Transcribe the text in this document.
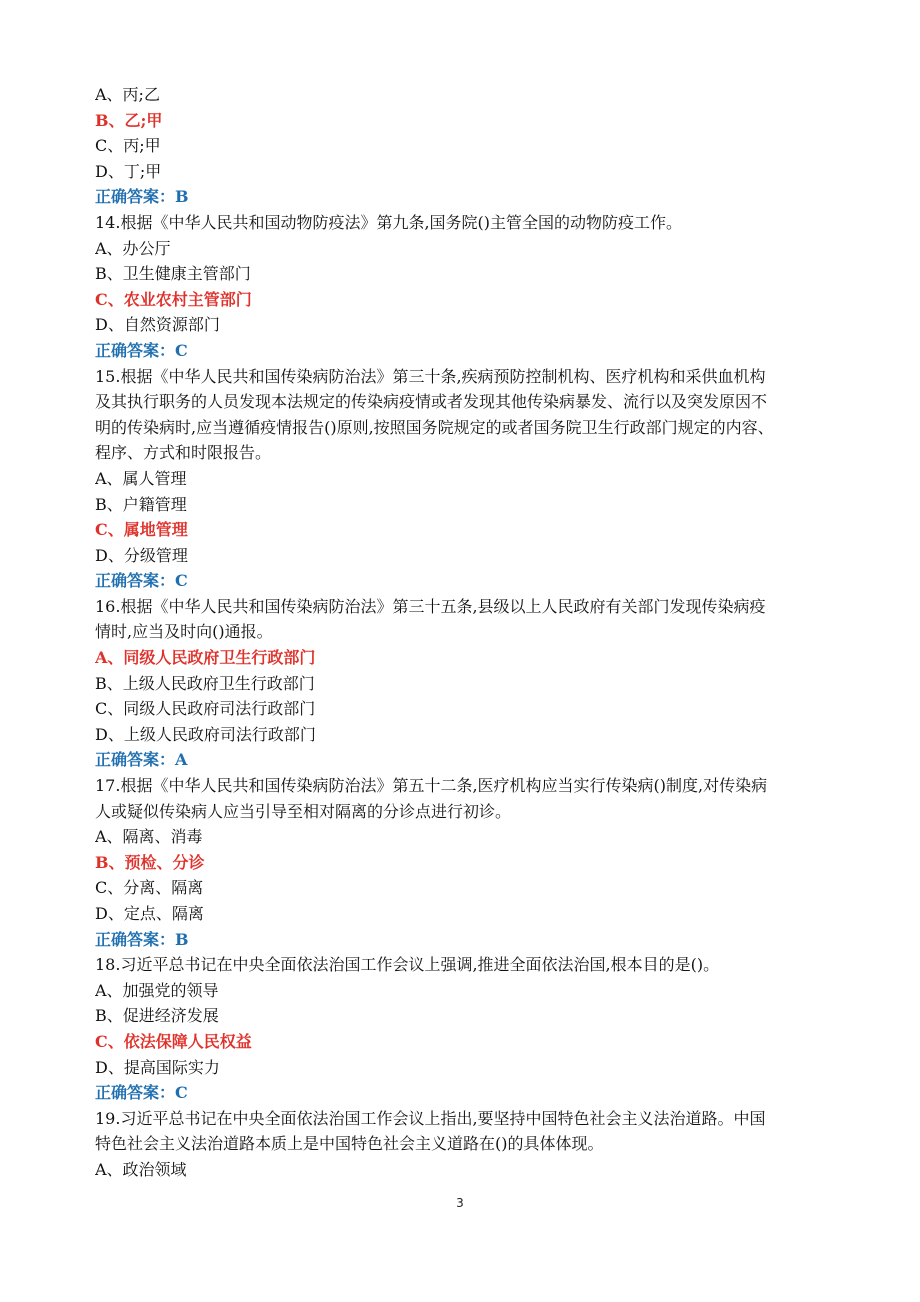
A、丙;乙
B、乙;甲
C、丙;甲
D、丁;甲
正确答案：B
14.根据《中华人民共和国动物防疫法》第九条,国务院()主管全国的动物防疫工作。
A、办公厅
B、卫生健康主管部门
C、农业农村主管部门
D、自然资源部门
正确答案：C
15.根据《中华人民共和国传染病防治法》第三十条,疾病预防控制机构、医疗机构和采供血机构
及其执行职务的人员发现本法规定的传染病疫情或者发现其他传染病暴发、流行以及突发原因不
明的传染病时,应当遵循疫情报告()原则,按照国务院规定的或者国务院卫生行政部门规定的内容、
程序、方式和时限报告。
A、属人管理
B、户籍管理
C、属地管理
D、分级管理
正确答案：C
16.根据《中华人民共和国传染病防治法》第三十五条,县级以上人民政府有关部门发现传染病疫
情时,应当及时向()通报。
A、同级人民政府卫生行政部门
B、上级人民政府卫生行政部门
C、同级人民政府司法行政部门
D、上级人民政府司法行政部门
正确答案：A
17.根据《中华人民共和国传染病防治法》第五十二条,医疗机构应当实行传染病()制度,对传染病
人或疑似传染病人应当引导至相对隔离的分诊点进行初诊。
A、隔离、消毒
B、预检、分诊
C、分离、隔离
D、定点、隔离
正确答案：B
18.习近平总书记在中央全面依法治国工作会议上强调,推进全面依法治国,根本目的是()。
A、加强党的领导
B、促进经济发展
C、依法保障人民权益
D、提高国际实力
正确答案：C
19.习近平总书记在中央全面依法治国工作会议上指出,要坚持中国特色社会主义法治道路。中国
特色社会主义法治道路本质上是中国特色社会主义道路在()的具体体现。
A、政治领域
3
